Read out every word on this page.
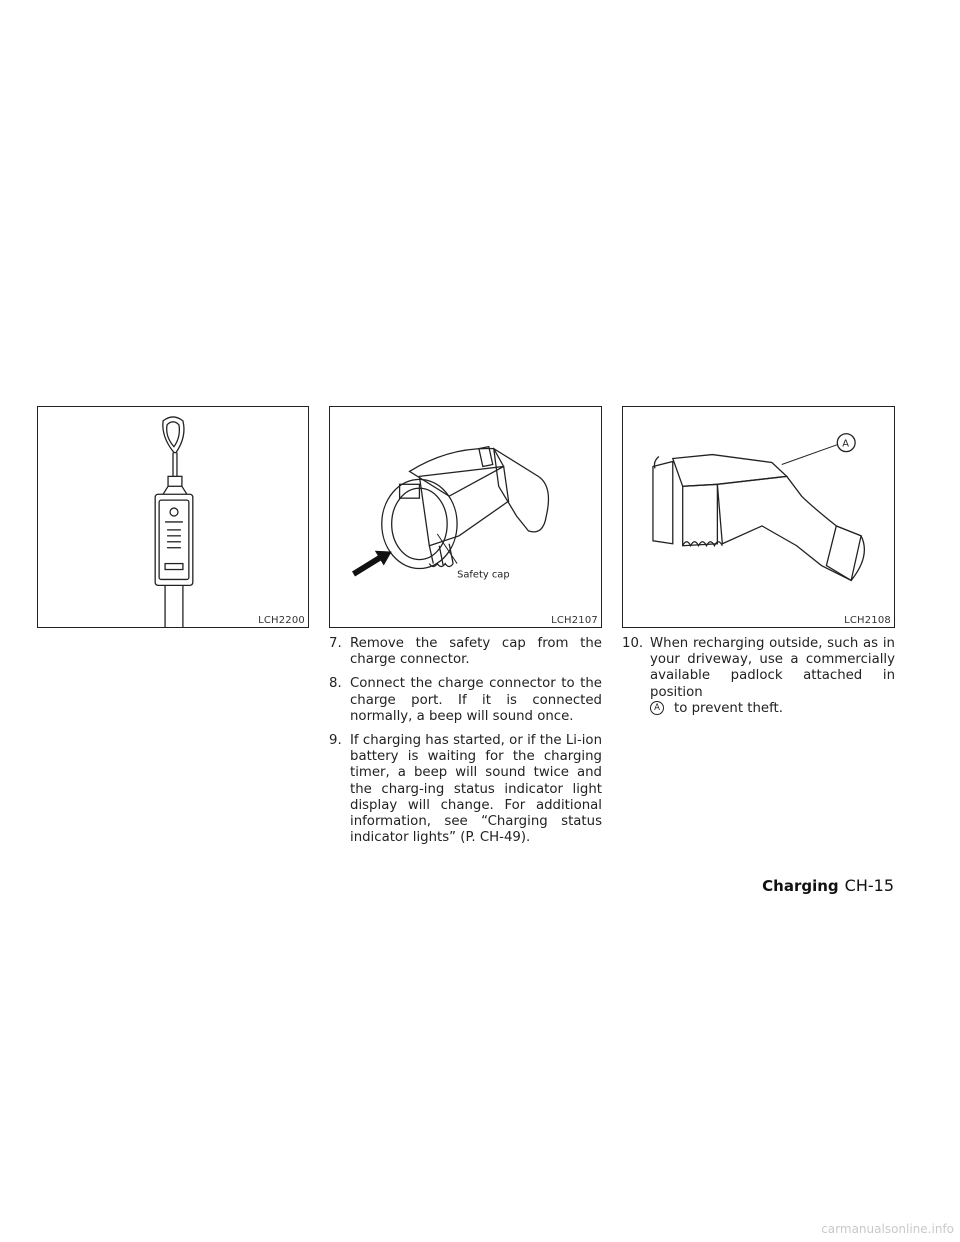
LCH2200
Safety cap
LCH2107
A
LCH2108
7. Remove the safety cap from the charge connector.
8. Connect the charge connector to the charge port. If it is connected normally, a beep will sound once.
9. If charging has started, or if the Li-ion battery is waiting for the charging timer, a beep will sound twice and the charg-ing status indicator light display will change. For additional information, see “Charging status indicator lights” (P. CH-49).
10. When recharging outside, such as in your driveway, use a commercially available padlock attached in position
A to prevent theft.
Charging CH-15
carmanualsonline.info
